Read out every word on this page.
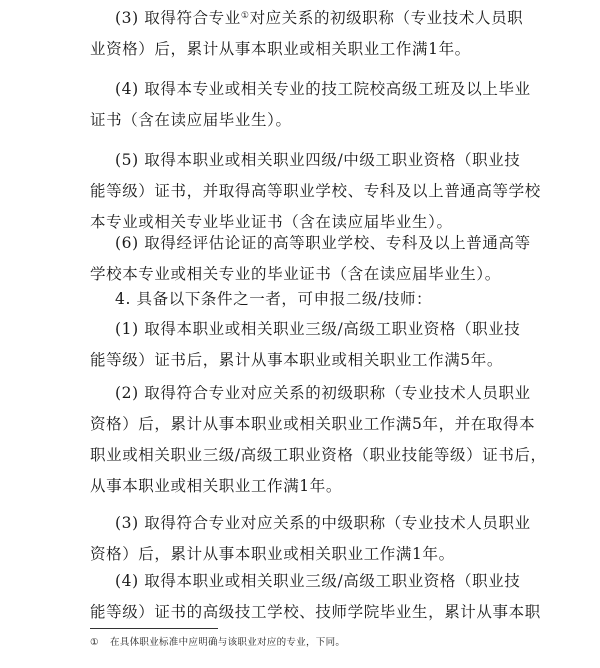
(3) 取得符合专业①对应关系的初级职称（专业技术人员职
业资格）后，累计从事本职业或相关职业工作满1年。

(4) 取得本专业或相关专业的技工院校高级工班及以上毕业
证书（含在读应届毕业生）。

(5) 取得本职业或相关职业四级/中级工职业资格（职业技
能等级）证书，并取得高等职业学校、专科及以上普通高等学校
本专业或相关专业毕业证书（含在读应届毕业生）。

(6) 取得经评估论证的高等职业学校、专科及以上普通高等
学校本专业或相关专业的毕业证书（含在读应届毕业生）。

4. 具备以下条件之一者，可申报二级/技师：

(1) 取得本职业或相关职业三级/高级工职业资格（职业技
能等级）证书后，累计从事本职业或相关职业工作满5年。

(2) 取得符合专业对应关系的初级职称（专业技术人员职业
资格）后，累计从事本职业或相关职业工作满5年，并在取得本
职业或相关职业三级/高级工职业资格（职业技能等级）证书后，
从事本职业或相关职业工作满1年。

(3) 取得符合专业对应关系的中级职称（专业技术人员职业
资格）后，累计从事本职业或相关职业工作满1年。

(4) 取得本职业或相关职业三级/高级工职业资格（职业技
能等级）证书的高级技工学校、技师学院毕业生，累计从事本职

① 在具体职业标准中应明确与该职业对应的专业，下同。
